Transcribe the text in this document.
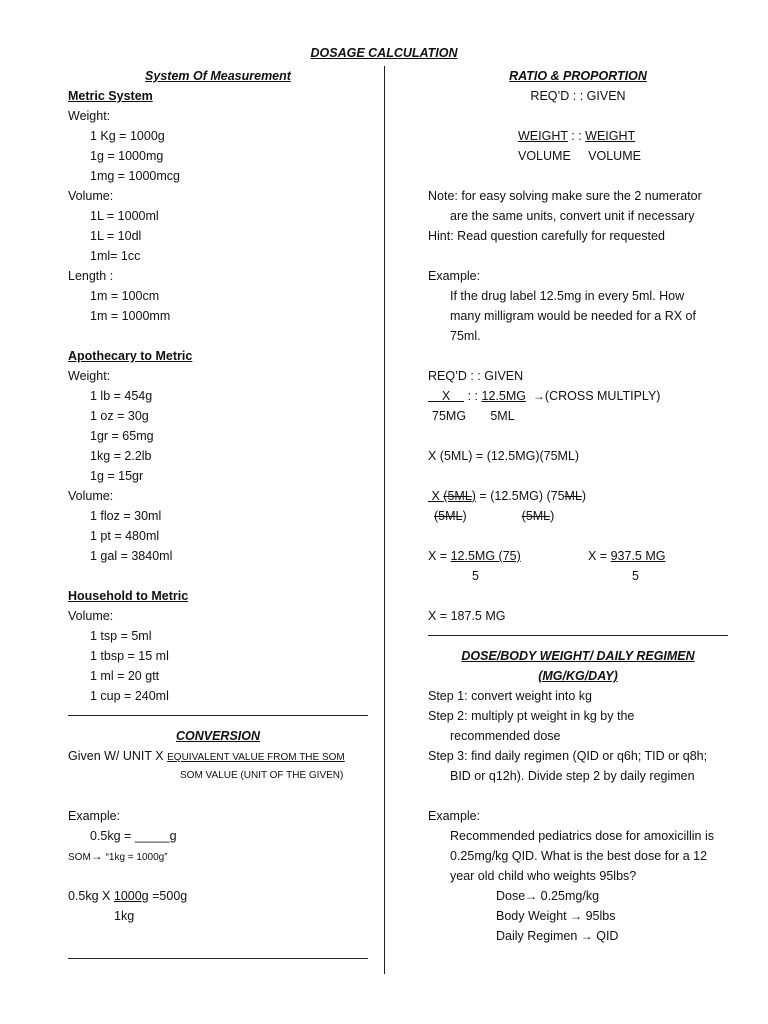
DOSAGE CALCULATION
System Of Measurement
Metric System
Weight:
1 Kg = 1000g
1g = 1000mg
1mg = 1000mcg
Volume:
1L = 1000ml
1L = 10dl
1ml= 1cc
Length :
1m = 100cm
1m = 1000mm
Apothecary to Metric
Weight:
1 lb = 454g
1 oz = 30g
1gr = 65mg
1kg = 2.2lb
1g = 15gr
Volume:
1 floz = 30ml
1 pt = 480ml
1 gal = 3840ml
Household to Metric
Volume:
1 tsp = 5ml
1 tbsp = 15 ml
1 ml = 20 gtt
1 cup = 240ml
CONVERSION
Given W/ UNIT X EQUIVALENT VALUE FROM THE SOM
SOM VALUE (UNIT OF THE GIVEN)
Example:
0.5kg = _____g
SOM→ “1kg = 1000g”
0.5kg X 1000g =500g
1kg
RATIO & PROPORTION
REQ’D : : GIVEN
WEIGHT : : WEIGHT
VOLUME     VOLUME
Note: for easy solving make sure the 2 numerator
are the same units, convert unit if necessary
Hint: Read question carefully for requested
Example:
If the drug label 12.5mg in every 5ml. How
many milligram would be needed for a RX of
75ml.
REQ’D : : GIVEN
X     : : 12.5MG →(CROSS MULTIPLY)
75MG       5ML
X (5ML) = (12.5MG)(75ML)
X (5ML) = (12.5MG) (75ML)
(5ML)	(5ML)
X = 12.5MG (75)	X = 937.5 MG
5	5
X = 187.5 MG
DOSE/BODY WEIGHT/ DAILY REGIMEN
(MG/KG/DAY)
Step 1: convert weight into kg
Step 2: multiply pt weight in kg by the
recommended dose
Step 3: find daily regimen (QID or q6h; TID or q8h;
BID or q12h). Divide step 2 by daily regimen
Example:
Recommended pediatrics dose for amoxicillin is
0.25mg/kg QID. What is the best dose for a 12
year old child who weights 95lbs?
Dose→ 0.25mg/kg
Body Weight → 95lbs
Daily Regimen → QID
